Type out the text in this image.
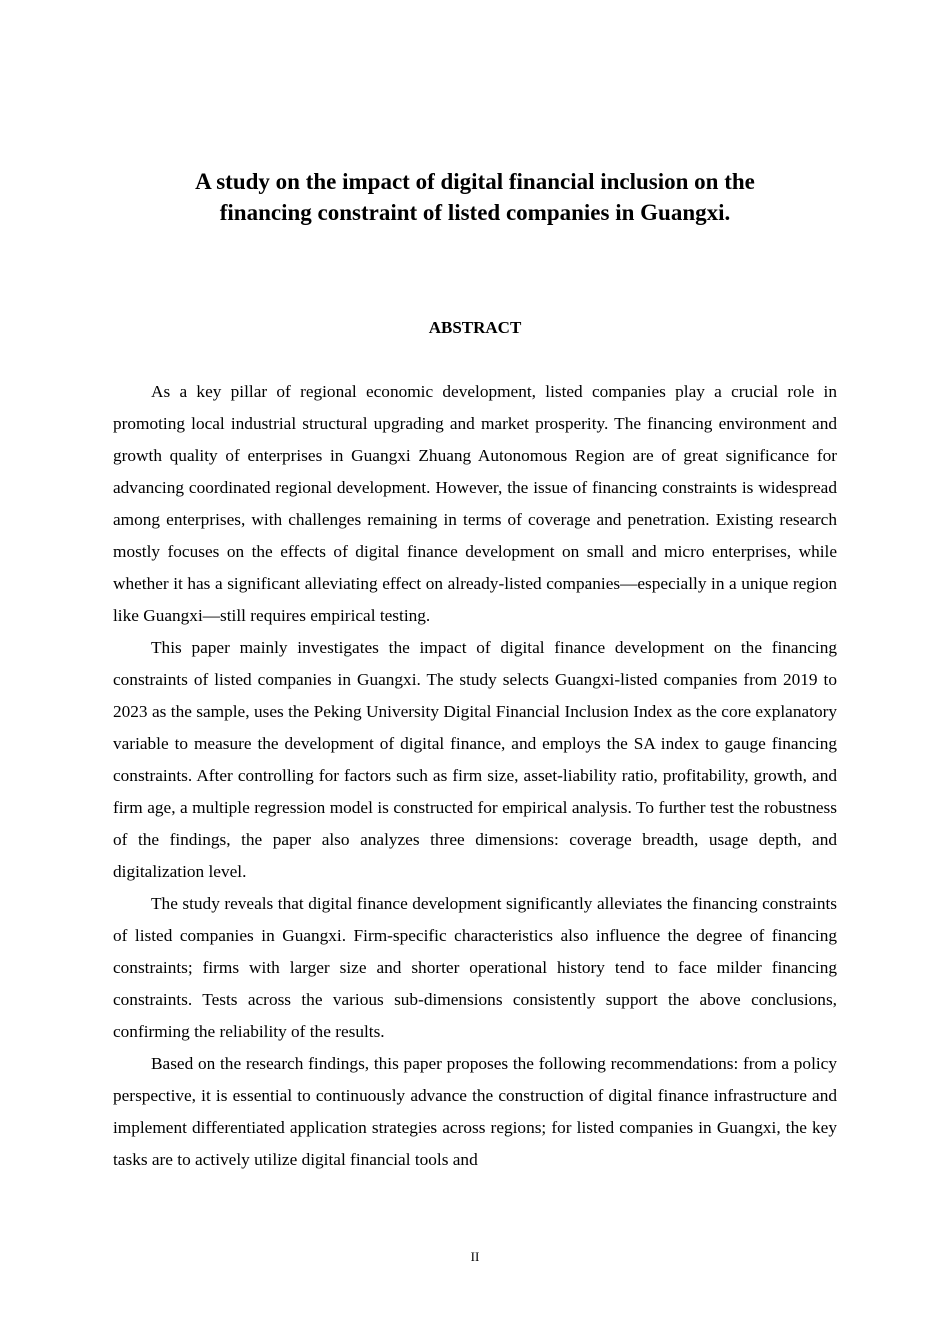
A study on the impact of digital financial inclusion on the
financing constraint of listed companies in Guangxi.
ABSTRACT

As a key pillar of regional economic development, listed companies play a crucial role in promoting local industrial structural upgrading and market prosperity. The financing environment and growth quality of enterprises in Guangxi Zhuang Autonomous Region are of great significance for advancing coordinated regional development. However, the issue of financing constraints is widespread among enterprises, with challenges remaining in terms of coverage and penetration. Existing research mostly focuses on the effects of digital finance development on small and micro enterprises, while whether it has a significant alleviating effect on already-listed companies—especially in a unique region like Guangxi—still requires empirical testing.

This paper mainly investigates the impact of digital finance development on the financing constraints of listed companies in Guangxi. The study selects Guangxi-listed companies from 2019 to 2023 as the sample, uses the Peking University Digital Financial Inclusion Index as the core explanatory variable to measure the development of digital finance, and employs the SA index to gauge financing constraints. After controlling for factors such as firm size, asset-liability ratio, profitability, growth, and firm age, a multiple regression model is constructed for empirical analysis. To further test the robustness of the findings, the paper also analyzes three dimensions: coverage breadth, usage depth, and digitalization level.

The study reveals that digital finance development significantly alleviates the financing constraints of listed companies in Guangxi. Firm-specific characteristics also influence the degree of financing constraints; firms with larger size and shorter operational history tend to face milder financing constraints. Tests across the various sub-dimensions consistently support the above conclusions, confirming the reliability of the results.

Based on the research findings, this paper proposes the following recommendations: from a policy perspective, it is essential to continuously advance the construction of digital finance infrastructure and implement differentiated application strategies across regions; for listed companies in Guangxi, the key tasks are to actively utilize digital financial tools and

II
